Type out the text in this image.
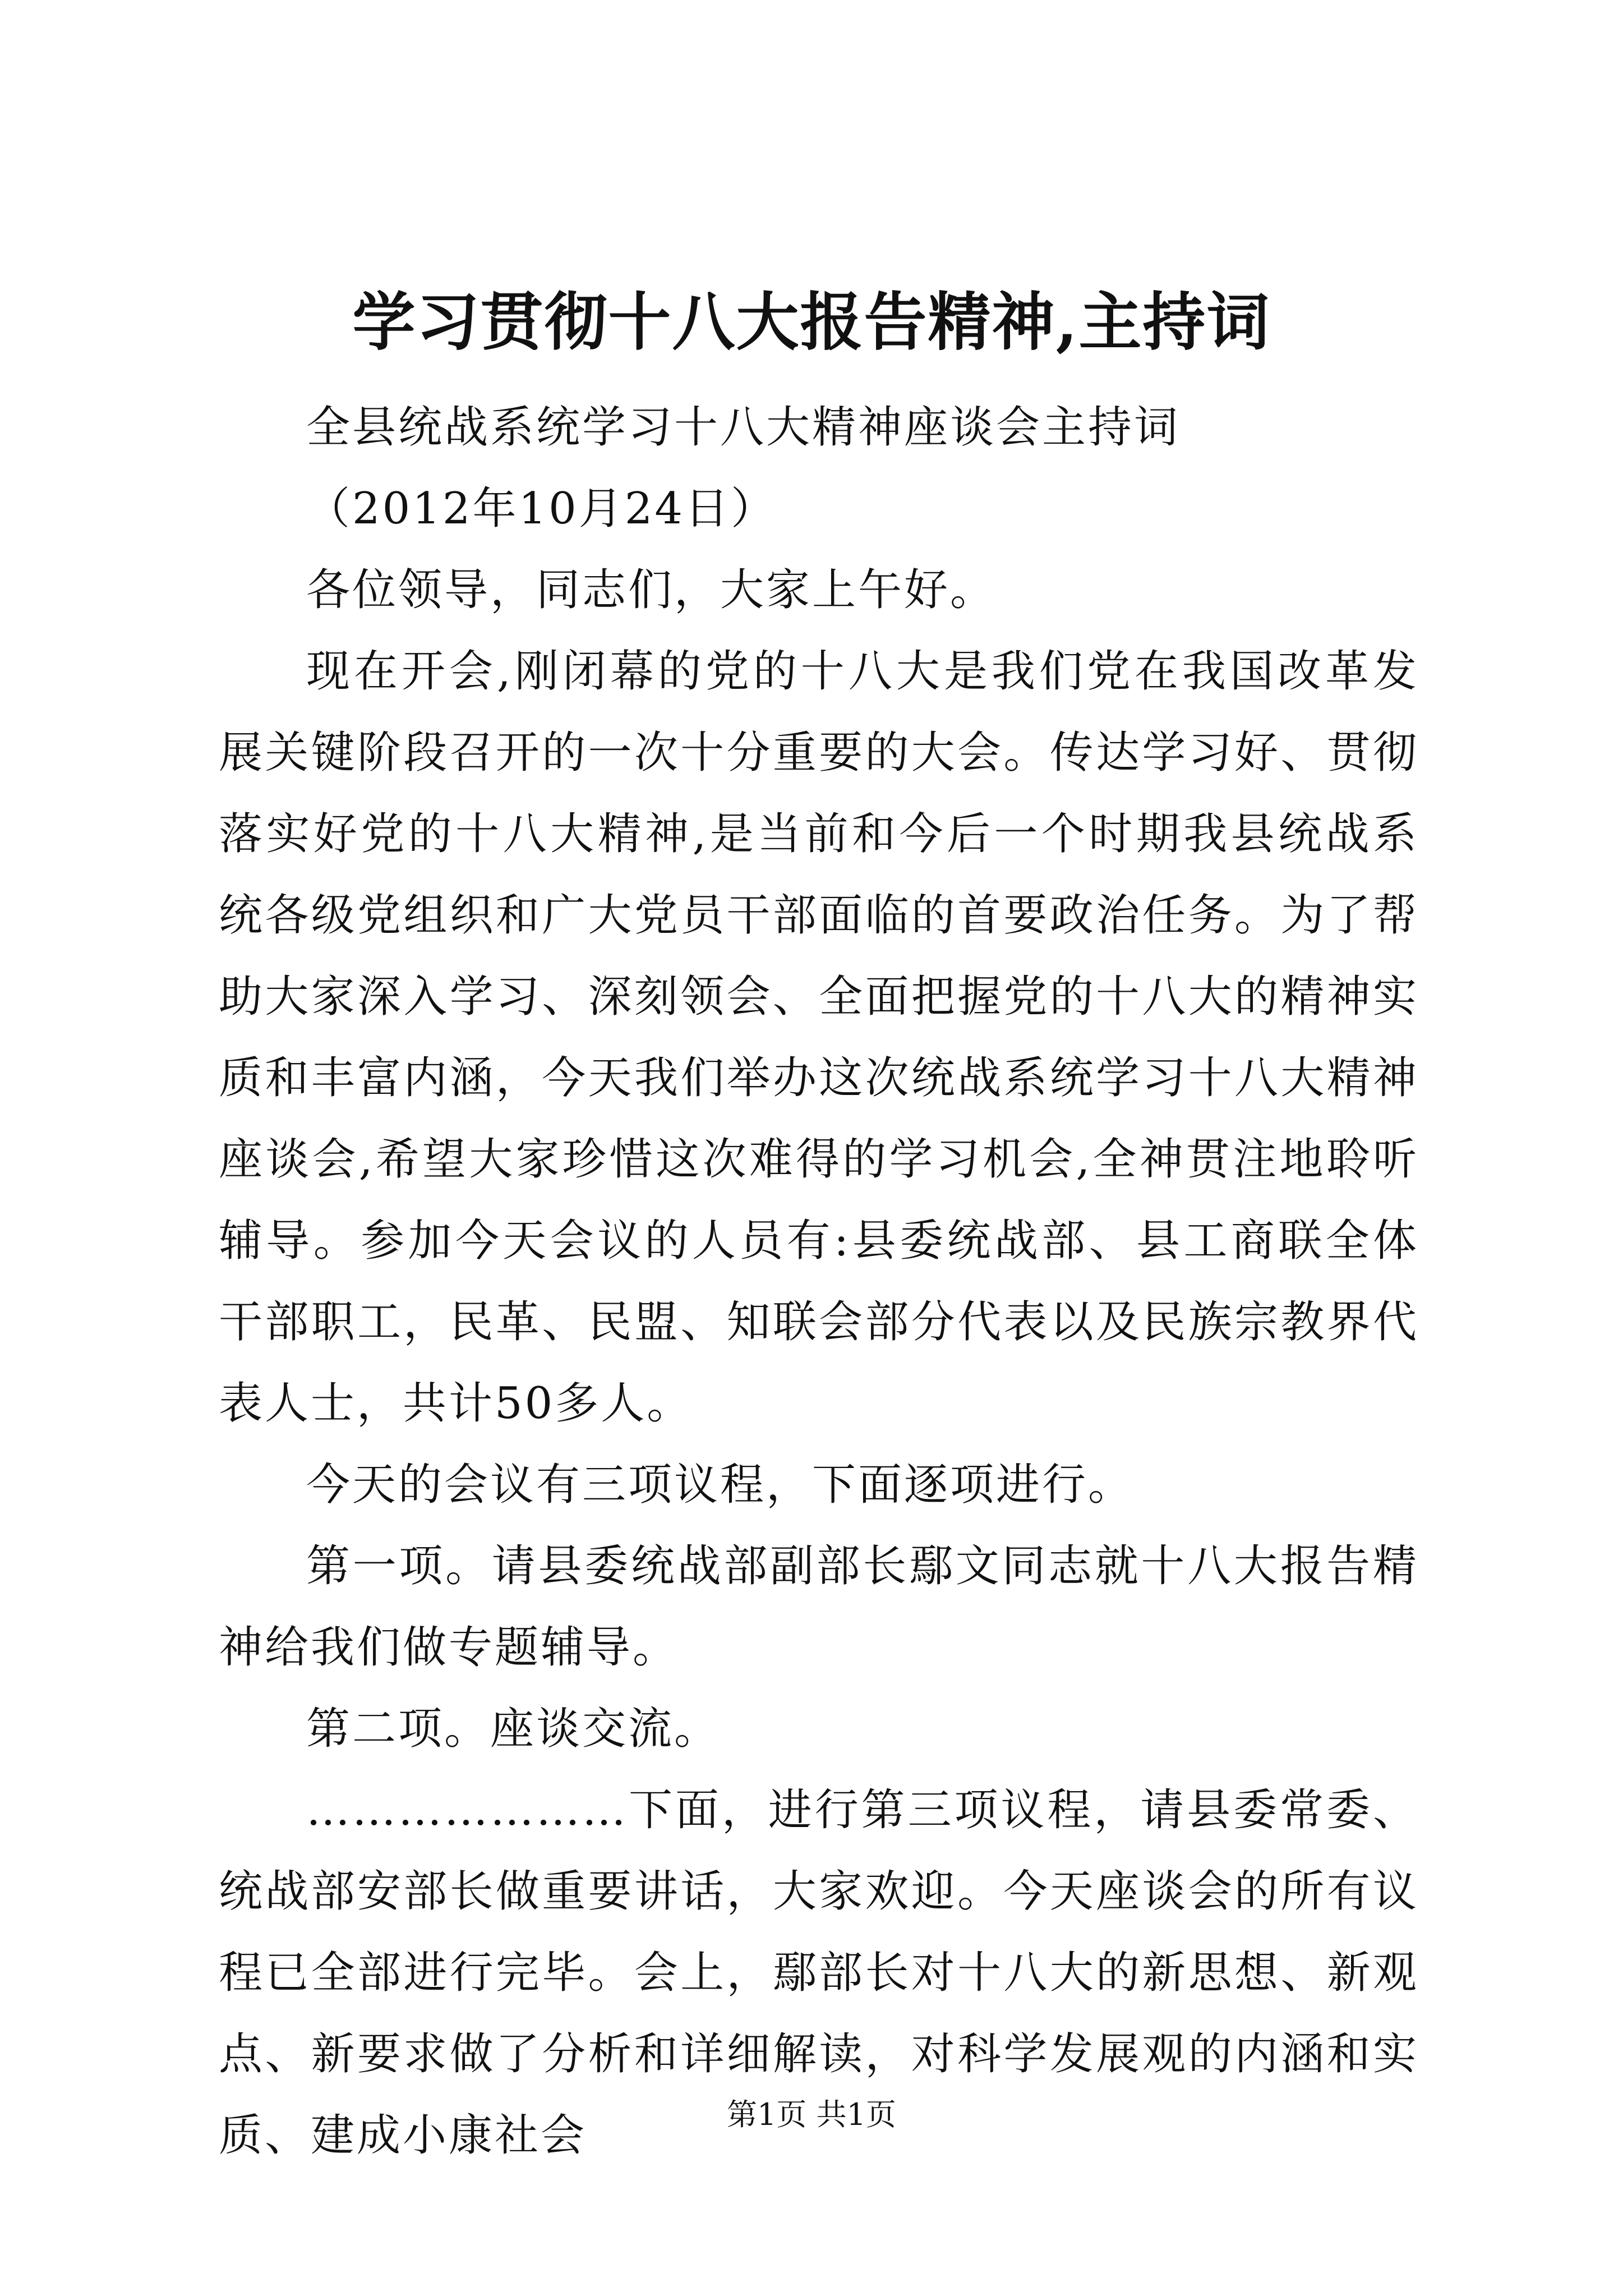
学习贯彻十八大报告精神,主持词

全县统战系统学习十八大精神座谈会主持词

（2012年10月24日）

各位领导，同志们，大家上午好。

现在开会,刚闭幕的党的十八大是我们党在我国改革发展关键阶段召开的一次十分重要的大会。传达学习好、贯彻落实好党的十八大精神,是当前和今后一个时期我县统战系统各级党组织和广大党员干部面临的首要政治任务。为了帮助大家深入学习、深刻领会、全面把握党的十八大的精神实质和丰富内涵，今天我们举办这次统战系统学习十八大精神座谈会,希望大家珍惜这次难得的学习机会,全神贯注地聆听辅导。参加今天会议的人员有:县委统战部、县工商联全体干部职工，民革、民盟、知联会部分代表以及民族宗教界代表人士，共计50多人。

今天的会议有三项议程，下面逐项进行。

第一项。请县委统战部副部长鄢文同志就十八大报告精神给我们做专题辅导。

第二项。座谈交流。

…………………下面，进行第三项议程，请县委常委、统战部安部长做重要讲话，大家欢迎。今天座谈会的所有议程已全部进行完毕。会上，鄢部长对十八大的新思想、新观点、新要求做了分析和详细解读，对科学发展观的内涵和实质、建成小康社会	第1页 共1页
